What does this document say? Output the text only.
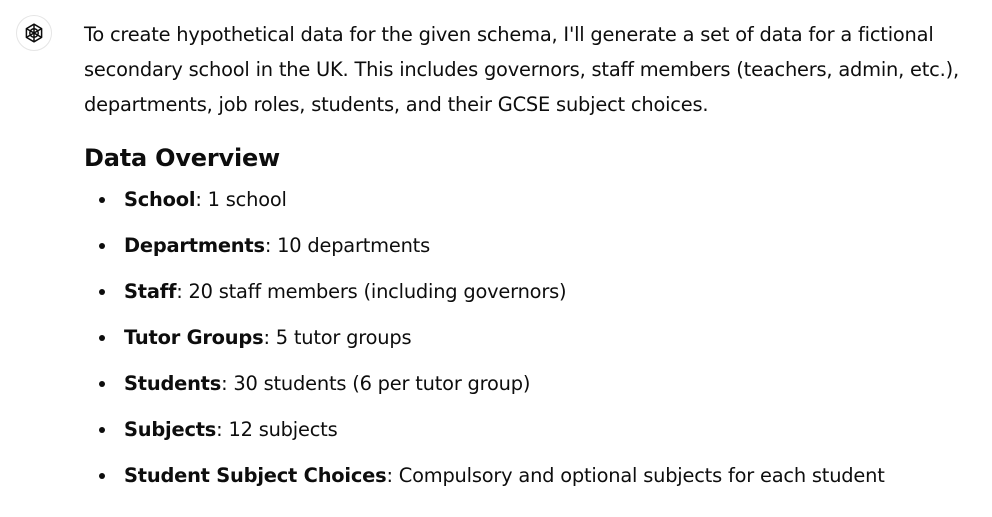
To create hypothetical data for the given schema, I'll generate a set of data for a fictional secondary school in the UK. This includes governors, staff members (teachers, admin, etc.), departments, job roles, students, and their GCSE subject choices.

Data Overview
School: 1 school
Departments: 10 departments
Staff: 20 staff members (including governors)
Tutor Groups: 5 tutor groups
Students: 30 students (6 per tutor group)
Subjects: 12 subjects
Student Subject Choices: Compulsory and optional subjects for each student
